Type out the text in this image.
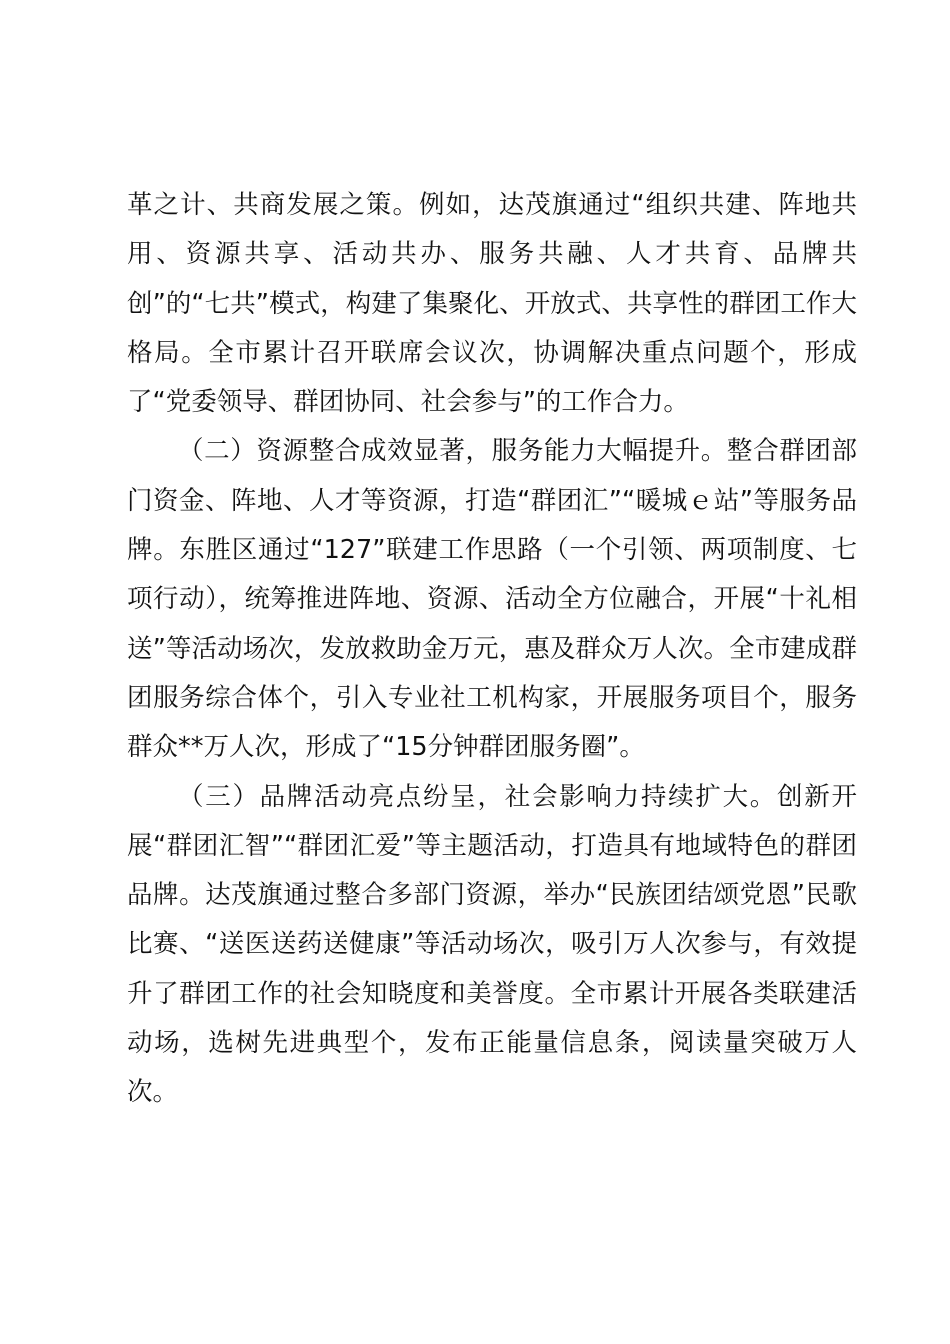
革之计、共商发展之策。例如，达茂旗通过“组织共建、阵地共用、资源共享、活动共办、服务共融、人才共育、品牌共创”的“七共”模式，构建了集聚化、开放式、共享性的群团工作大格局。全市累计召开联席会议次，协调解决重点问题个，形成了“党委领导、群团协同、社会参与”的工作合力。

（二）资源整合成效显著，服务能力大幅提升。整合群团部门资金、阵地、人才等资源，打造“群团汇”“暖城ｅ站”等服务品牌。东胜区通过“127”联建工作思路（一个引领、两项制度、七项行动），统筹推进阵地、资源、活动全方位融合，开展“十礼相送”等活动场次，发放救助金万元，惠及群众万人次。全市建成群团服务综合体个，引入专业社工机构家，开展服务项目个，服务群众**万人次，形成了“15分钟群团服务圈”。

（三）品牌活动亮点纷呈，社会影响力持续扩大。创新开展“群团汇智”“群团汇爱”等主题活动，打造具有地域特色的群团品牌。达茂旗通过整合多部门资源，举办“民族团结颂党恩”民歌比赛、“送医送药送健康”等活动场次，吸引万人次参与，有效提升了群团工作的社会知晓度和美誉度。全市累计开展各类联建活动场，选树先进典型个，发布正能量信息条，阅读量突破万人次。
